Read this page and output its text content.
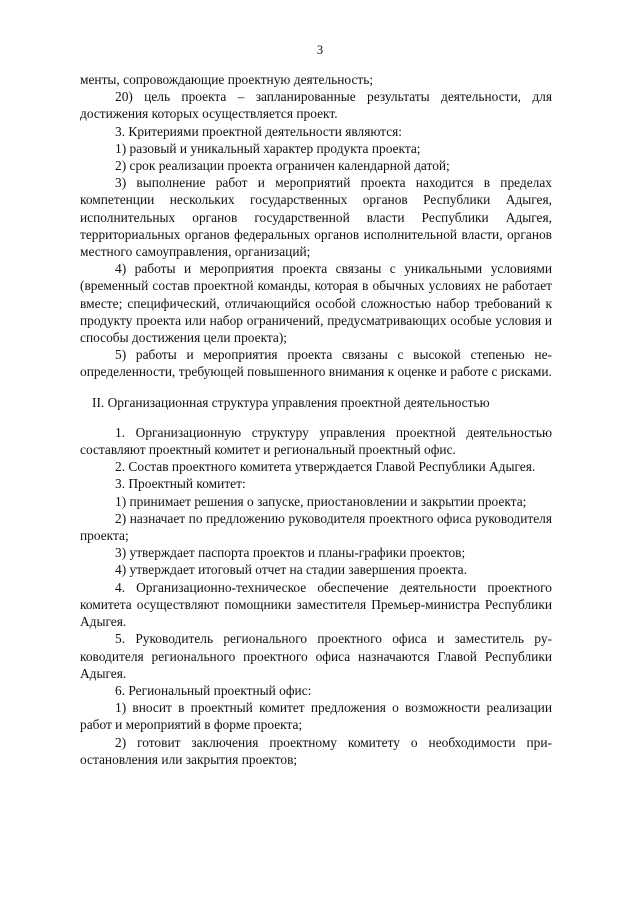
3

менты, сопровождающие проектную деятельность;

20) цель проекта – запланированные результаты деятельности, для достижения которых осуществляется проект.

3. Критериями проектной деятельности являются:

1) разовый и уникальный характер продукта проекта;

2) срок реализации проекта ограничен календарной датой;

3) выполнение работ и мероприятий проекта находится в пределах компетенции нескольких государственных органов Республики Адыгея, исполнительных органов государственной власти Республики Адыгея, территориальных органов федеральных органов исполнительной власти, органов местного самоуправления, организаций;

4) работы и мероприятия проекта связаны с уникальными условиями (временный состав проектной команды, которая в обычных условиях не работает вместе; специфический, отличающийся особой сложностью набор требований к продукту проекта или набор ограничений, предусматривающих особые условия и способы достижения цели проекта);

5) работы и мероприятия проекта связаны с высокой степенью неопределенности, требующей повышенного внимания к оценке и работе с рисками.

II. Организационная структура управления проектной деятельностью

1. Организационную структуру управления проектной деятельностью составляют проектный комитет и региональный проектный офис.

2. Состав проектного комитета утверждается Главой Республики Адыгея.

3. Проектный комитет:

1) принимает решения о запуске, приостановлении и закрытии проекта;

2) назначает по предложению руководителя проектного офиса руководителя проекта;

3) утверждает паспорта проектов и планы-графики проектов;

4) утверждает итоговый отчет на стадии завершения проекта.

4. Организационно-техническое обеспечение деятельности проектного комитета осуществляют помощники заместителя Премьер-министра Республики Адыгея.

5. Руководитель регионального проектного офиса и заместитель руководителя регионального проектного офиса назначаются Главой Республики Адыгея.

6. Региональный проектный офис:

1) вносит в проектный комитет предложения о возможности реализации работ и мероприятий в форме проекта;

2) готовит заключения проектному комитету о необходимости приостановления или закрытия проектов;
